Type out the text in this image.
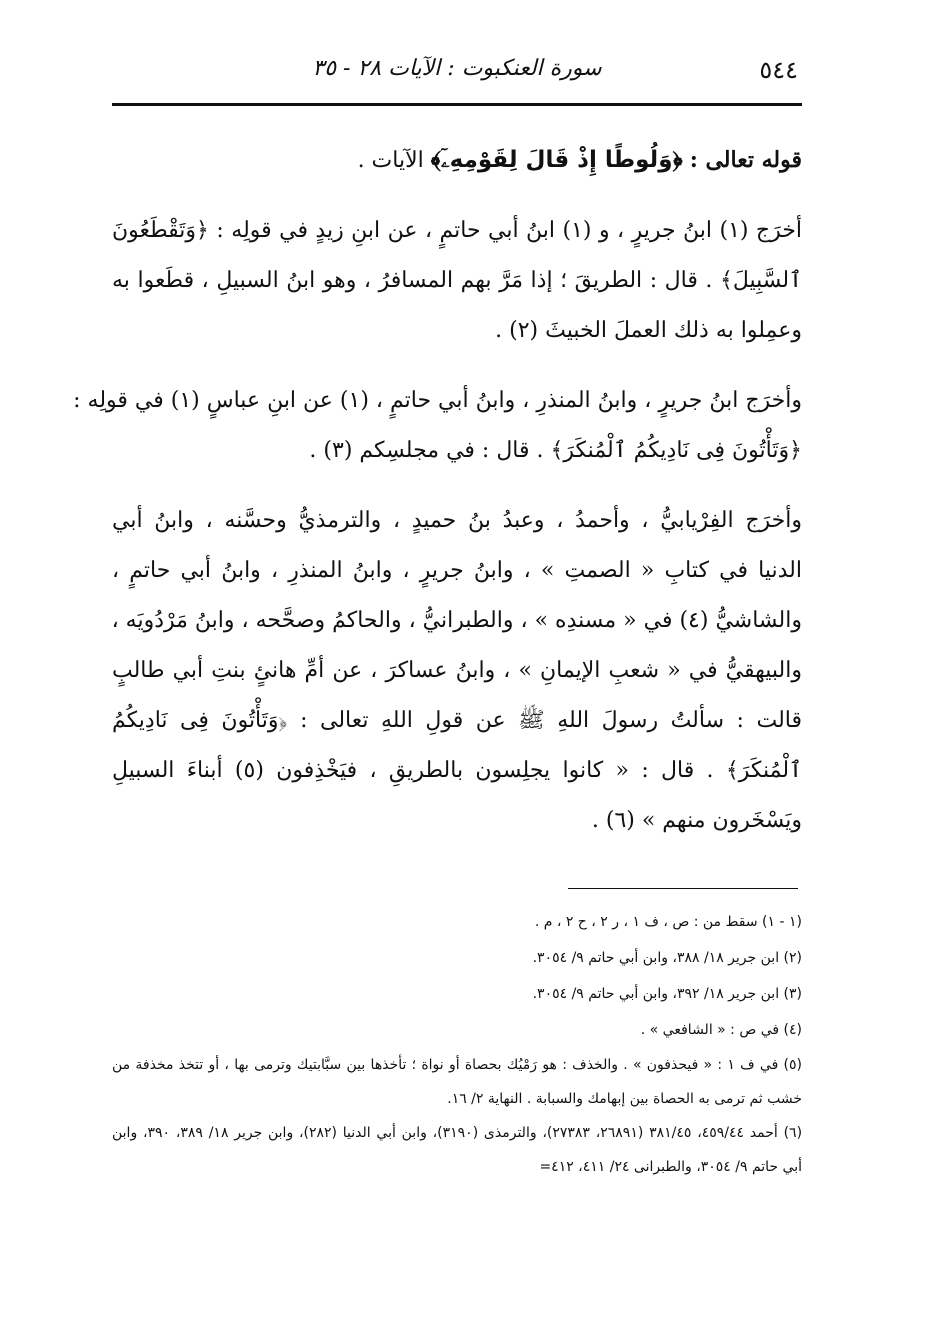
٥٤٤
سورة العنكبوت : الآيات ٢٨ - ٣٥
قوله تعالى : ﴿وَلُوطًا إِذْ قَالَ لِقَوْمِهِۦٓ﴾ الآيات .
أخرَج (١) ابنُ جريرٍ ، و (١) ابنُ أبي حاتمٍ ، عن ابنِ زيدٍ في قولِه : ﴿وَتَقْطَعُونَ
ٱلسَّبِيلَ﴾ . قال : الطريقَ ؛ إذا مَرَّ بهم المسافرُ ، وهو ابنُ السبيلِ ، قطَعوا به
وعمِلوا به ذلك العملَ الخبيثَ (٢) .
وأخرَج ابنُ جريرٍ ، وابنُ المنذرِ ، وابنُ أبي حاتمٍ ، (١) عن ابنِ عباسٍ (١) في قولِه :
﴿وَتَأْتُونَ فِى نَادِيكُمُ ٱلْمُنكَرَ﴾ . قال : في مجلسِكم (٣) .
وأخرَج الفِرْيابيُّ ، وأحمدُ ، وعبدُ بنُ حميدٍ ، والترمذيُّ وحسَّنه ، وابنُ أبي
الدنيا في كتابِ « الصمتِ » ، وابنُ جريرٍ ، وابنُ المنذرِ ، وابنُ أبي حاتمٍ ،
والشاشيُّ (٤) في « مسندِه » ، والطبرانيُّ ، والحاكمُ وصحَّحه ، وابنُ مَرْدُويَه ،
والبيهقيُّ في « شعبِ الإيمانِ » ، وابنُ عساكرَ ، عن أمِّ هانئٍ بنتِ أبي طالبٍ
قالت : سألتُ رسولَ اللهِ ﷺ عن قولِ اللهِ تعالى : ﴿وَتَأْتُونَ فِى نَادِيكُمُ
ٱلْمُنكَرَ﴾ . قال : « كانوا يجلِسون بالطريقِ ، فيَخْذِفون (٥) أبناءَ السبيلِ
ويَسْخَرون منهم » (٦) .
(١ - ١) سقط من : ص ، ف ١ ، ر ٢ ، ح ٢ ، م .
(٢) ابن جرير ١٨/ ٣٨٨، وابن أبي حاتم ٩/ ٣٠٥٤.
(٣) ابن جرير ١٨/ ٣٩٢، وابن أبي حاتم ٩/ ٣٠٥٤.
(٤) في ص : « الشافعي » .
(٥) في ف ١ : « فيحذفون » . والخذف : هو رَمْيُك بحصاة أو نواة ؛ تأخذها بين سبَّابتيك وترمى بها ، أو تتخذ مخذفة من خشب ثم ترمى به الحصاة بين إبهامك والسبابة . النهاية ٢/ ١٦.
(٦) أحمد ٤٥٩/٤٤، ٣٨١/٤٥ (٢٦٨٩١، ٢٧٣٨٣)، والترمذى (٣١٩٠)، وابن أبي الدنيا (٢٨٢)، وابن جرير ١٨/ ٣٨٩، ٣٩٠، وابن أبي حاتم ٩/ ٣٠٥٤، والطبرانى ٢٤/ ٤١١، ٤١٢=
